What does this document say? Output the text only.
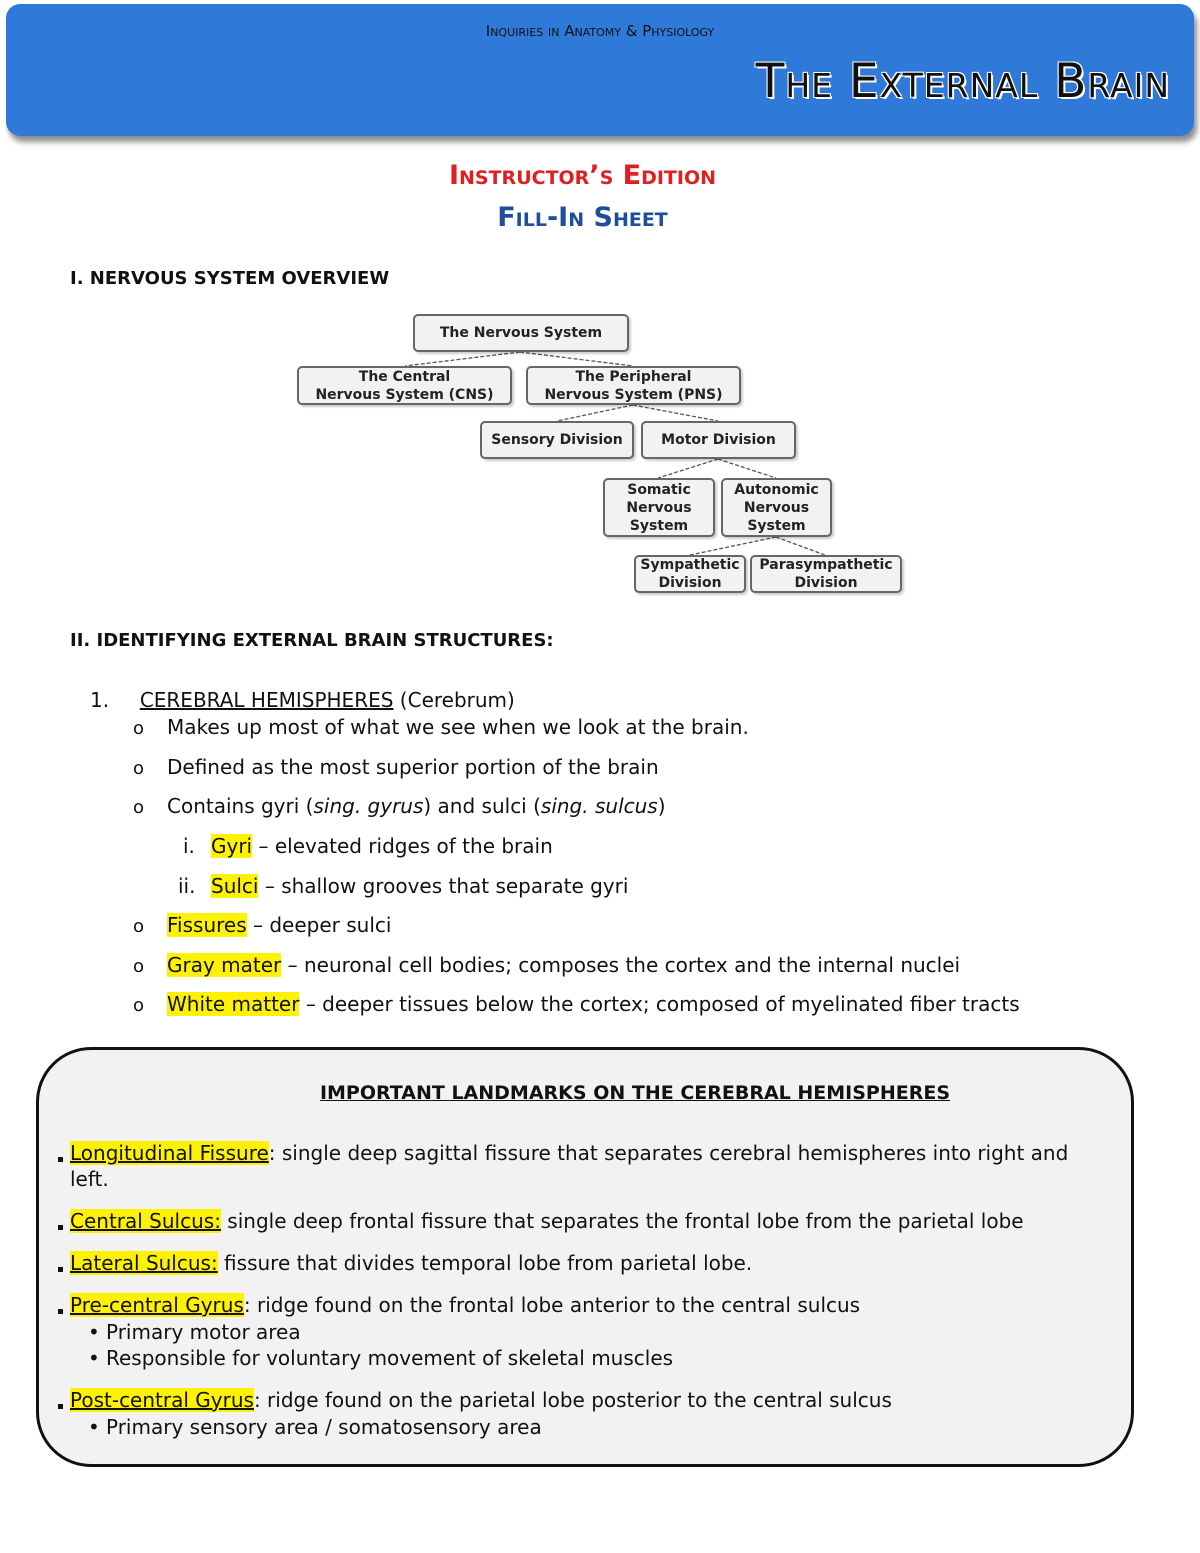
Inquiries in Anatomy & Physiology
The External Brain
Instructor’s Edition
Fill-In Sheet
I. NERVOUS SYSTEM OVERVIEW
The Nervous System
The Central
Nervous System (CNS)
The Peripheral
Nervous System (PNS)
Sensory Division	Motor Division
Somatic
Nervous
System
Autonomic
Nervous
System
Sympathetic
Division
Parasympathetic
Division
II. IDENTIFYING EXTERNAL BRAIN STRUCTURES:
1. CEREBRAL HEMISPHERES (Cerebrum)
o Makes up most of what we see when we look at the brain.
o Defined as the most superior portion of the brain
o Contains gyri (sing. gyrus) and sulci (sing. sulcus)
i. Gyri – elevated ridges of the brain
ii. Sulci – shallow grooves that separate gyri
o Fissures – deeper sulci
o Gray mater – neuronal cell bodies; composes the cortex and the internal nuclei
o White matter – deeper tissues below the cortex; composed of myelinated fiber tracts
IMPORTANT LANDMARKS ON THE CEREBRAL HEMISPHERES
Longitudinal Fissure: single deep sagittal fissure that separates cerebral hemispheres into right and
left.
Central Sulcus: single deep frontal fissure that separates the frontal lobe from the parietal lobe
Lateral Sulcus: fissure that divides temporal lobe from parietal lobe.
Pre-central Gyrus: ridge found on the frontal lobe anterior to the central sulcus
• Primary motor area
• Responsible for voluntary movement of skeletal muscles
Post-central Gyrus: ridge found on the parietal lobe posterior to the central sulcus
• Primary sensory area / somatosensory area
